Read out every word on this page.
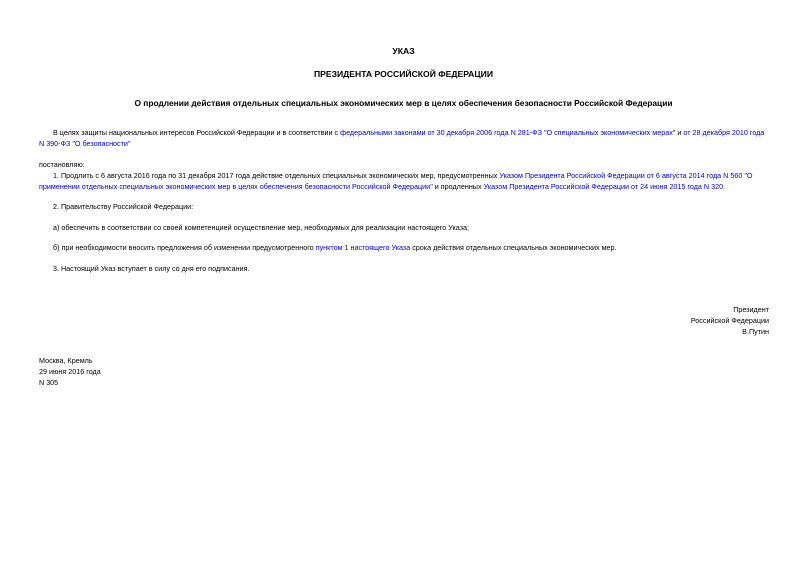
УКАЗ
ПРЕЗИДЕНТА РОССИЙСКОЙ ФЕДЕРАЦИИ
О продлении действия отдельных специальных экономических мер в целях обеспечения безопасности Российской Федерации
В целях защиты национальных интересов Российской Федерации и в соответствии с федеральными законами от 30 декабря 2006 года N 281-ФЗ "О специальных экономических мерах" и от 28 декабря 2010 года N 390-ФЗ "О безопасности"
постановляю:
1. Продлить с 6 августа 2016 года по 31 декабря 2017 года действие отдельных специальных экономических мер, предусмотренных Указом Президента Российской Федерации от 6 августа 2014 года N 560 "О применении отдельных специальных экономических мер в целях обеспечения безопасности Российской Федерации" и продленных Указом Президента Российской Федерации от 24 июня 2015 года N 320.
2. Правительству Российской Федерации:
а) обеспечить в соответствии со своей компетенцией осуществление мер, необходимых для реализации настоящего Указа;
б) при необходимости вносить предложения об изменении предусмотренного пунктом 1 настоящего Указа срока действия отдельных специальных экономических мер.
3. Настоящий Указ вступает в силу со дня его подписания.
Президент
Российской Федерации
В.Путин
Москва, Кремль
29 июня 2016 года
N 305
